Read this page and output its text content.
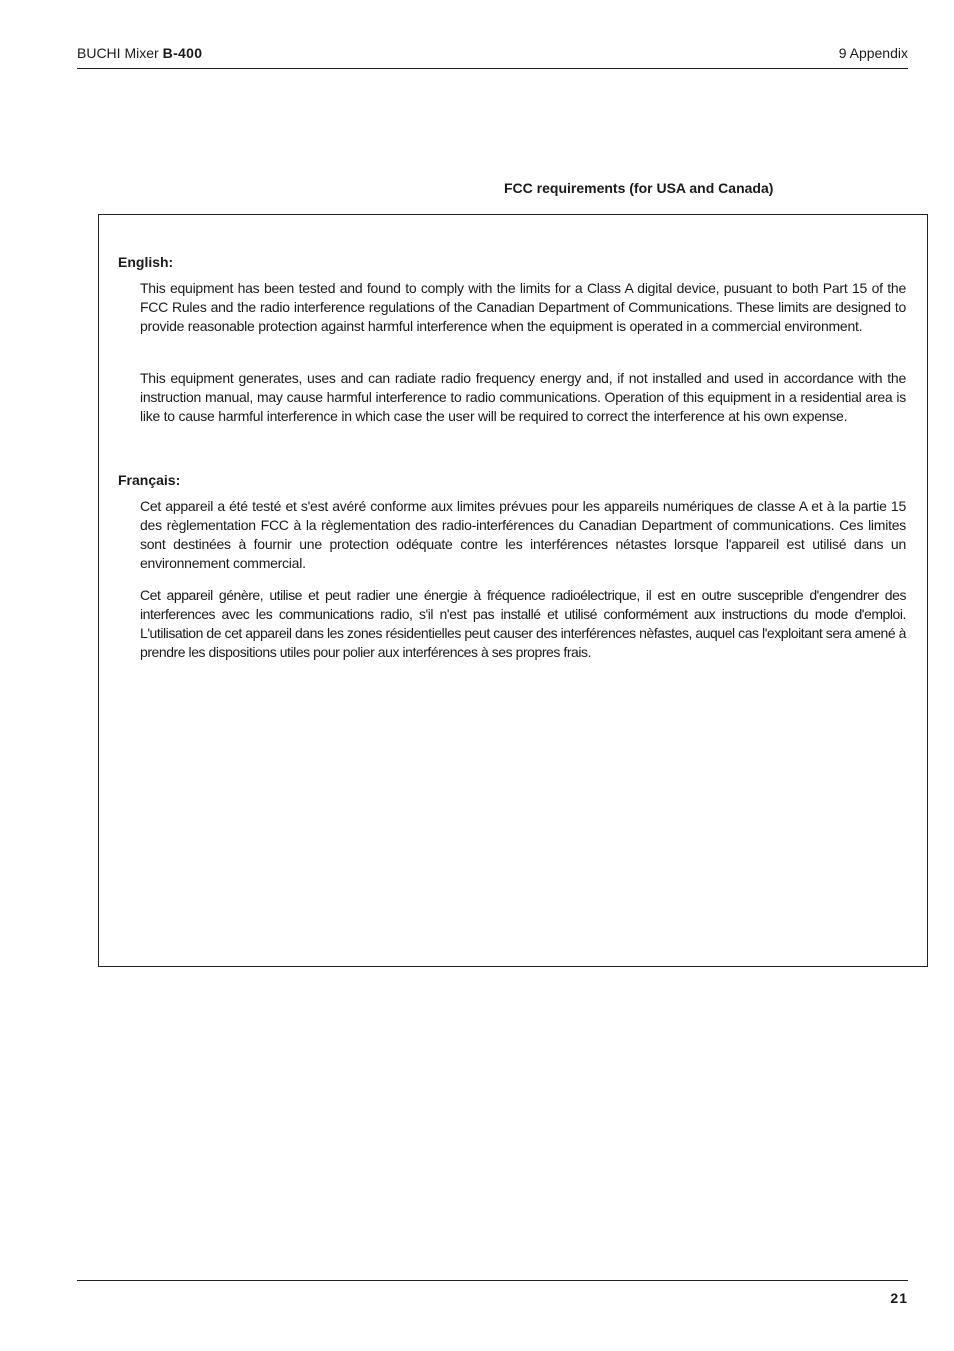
BUCHI Mixer B-400	9 Appendix
FCC requirements (for USA and Canada)
English:

This equipment has been tested and found to comply with the limits for a Class A digital device, pusuant to both Part 15 of the FCC Rules and the radio interference regulations of the Canadian Department of Communications. These limits are designed to provide reasonable protection against harmful interference when the equipment is operated in a commercial environment.

This equipment generates, uses and can radiate radio frequency energy and, if not installed and used in accordance with the instruction manual, may cause harmful interference to radio communications. Operation of this equipment in a residential area is like to cause harmful interference in which case the user will be required to correct the interference at his own expense.

Français:

Cet appareil a été testé et s'est avéré conforme aux limites prévues pour les appareils numériques de classe A et à la partie 15 des règlementation FCC à la règlementation des radio-interférences du Canadian Department of communications. Ces limites sont destinées à fournir une protection odéquate contre les interférences nétastes lorsque l'appareil est utilisé dans un environnement commercial.

Cet appareil génère, utilise et peut radier une énergie à fréquence radioélectrique, il est en outre susceprible d'engendrer des interferences avec les communications radio, s'il n'est pas installé et utilisé conformément aux instructions du mode d'emploi. L'utilisation de cet appareil dans les zones résidentielles peut causer des interférences nèfastes, auquel cas l'exploitant sera amené à prendre les dispositions utiles pour polier aux interférences à ses propres frais.

21
